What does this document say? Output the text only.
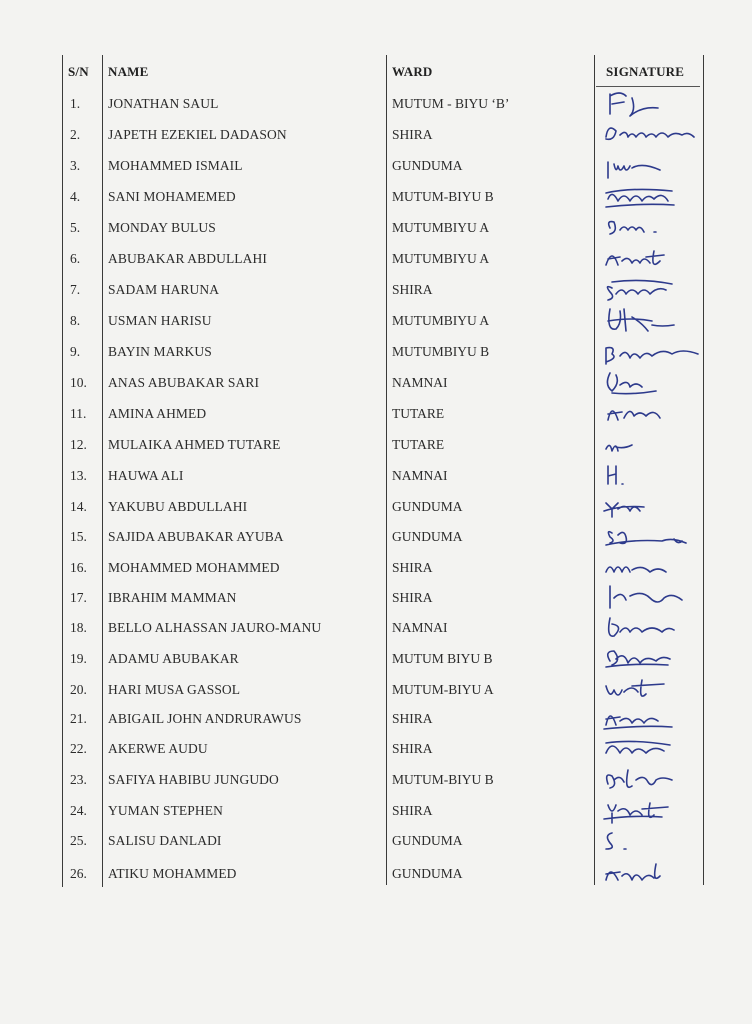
S/N NAME	WARD	SIGNATURE
1. JONATHAN SAUL	MUTUM - BIYU ‘B’
2. JAPETH EZEKIEL DADASON	SHIRA
3. MOHAMMED ISMAIL	GUNDUMA
4. SANI MOHAMEMED	MUTUM-BIYU B
5. MONDAY BULUS	MUTUMBIYU A
6. ABUBAKAR ABDULLAHI	MUTUMBIYU A
7. SADAM HARUNA	SHIRA
8. USMAN HARISU	MUTUMBIYU A
9. BAYIN MARKUS	MUTUMBIYU B
10. ANAS ABUBAKAR SARI	NAMNAI
11. AMINA AHMED	TUTARE
12. MULAIKA AHMED TUTARE	TUTARE
13. HAUWA ALI	NAMNAI
14. YAKUBU ABDULLAHI	GUNDUMA
15. SAJIDA ABUBAKAR AYUBA	GUNDUMA
16. MOHAMMED MOHAMMED	SHIRA
17. IBRAHIM MAMMAN	SHIRA
18. BELLO ALHASSAN JAURO-MANU	NAMNAI
19. ADAMU ABUBAKAR	MUTUM BIYU B
20. HARI MUSA GASSOL	MUTUM-BIYU A
21. ABIGAIL JOHN ANDRURAWUS	SHIRA
22. AKERWE AUDU	SHIRA
23. SAFIYA HABIBU JUNGUDO	MUTUM-BIYU B
24. YUMAN STEPHEN	SHIRA
25. SALISU DANLADI	GUNDUMA
26. ATIKU MOHAMMED	GUNDUMA
